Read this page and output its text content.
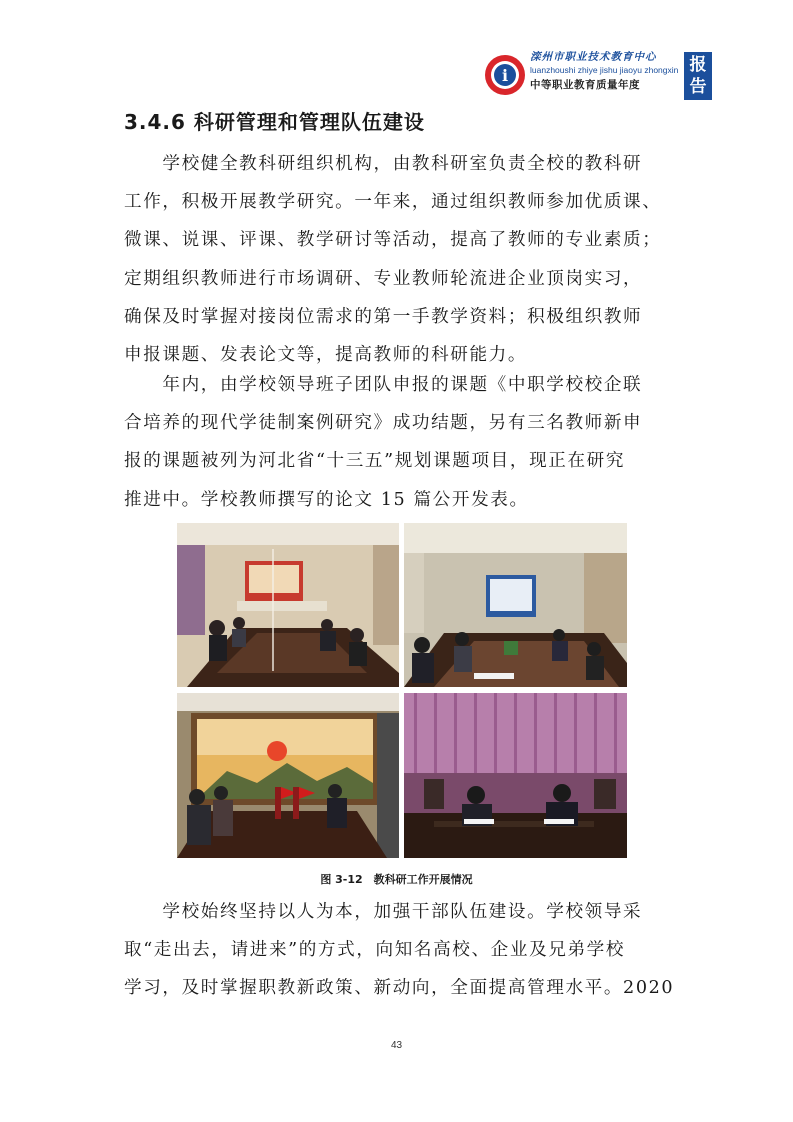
i
滦州市职业技术教育中心
luanzhoushi zhiye jishu jiaoyu zhongxin
中等职业教育质量年度
报
告
3.4.6 科研管理和管理队伍建设
　　学校健全教科研组织机构，由教科研室负责全校的教科研
工作，积极开展教学研究。一年来，通过组织教师参加优质课、
微课、说课、评课、教学研讨等活动，提高了教师的专业素质；
定期组织教师进行市场调研、专业教师轮流进企业顶岗实习，
确保及时掌握对接岗位需求的第一手教学资料；积极组织教师
申报课题、发表论文等，提高教师的科研能力。
　　年内，由学校领导班子团队申报的课题《中职学校校企联
合培养的现代学徒制案例研究》成功结题，另有三名教师新申
报的课题被列为河北省“十三五”规划课题项目，现正在研究
推进中。学校教师撰写的论文 15 篇公开发表。
图 3-12　教科研工作开展情况
　　学校始终坚持以人为本，加强干部队伍建设。学校领导采
取“走出去，请进来”的方式，向知名高校、企业及兄弟学校
学习，及时掌握职教新政策、新动向，全面提高管理水平。2020
43
